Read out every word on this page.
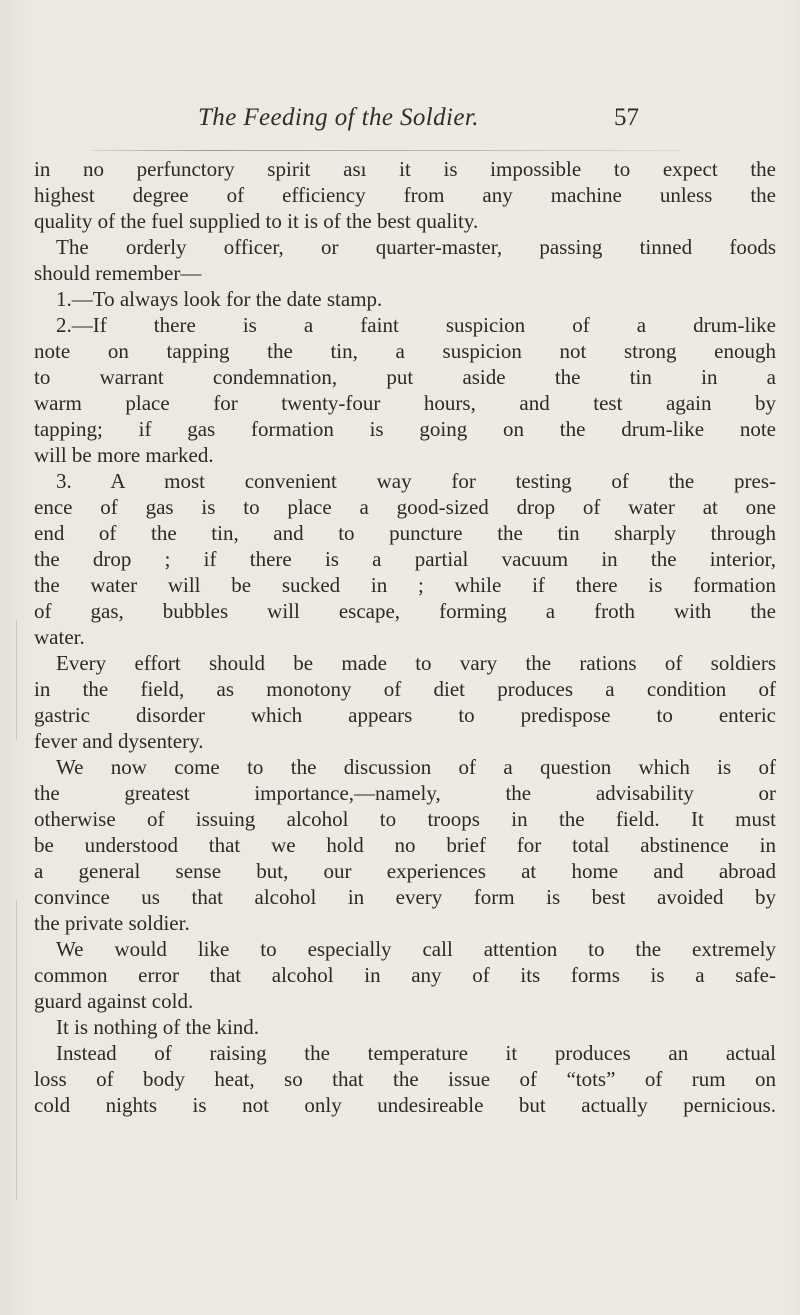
The Feeding of the Soldier.	57
in no perfunctory spirit ası it is impossible to expect the
highest degree of efficiency from any machine unless the
quality of the fuel supplied to it is of the best quality.
The orderly officer, or quarter-master, passing tinned foods
should remember—
1.—To always look for the date stamp.
2.—If there is a faint suspicion of a drum-like
note on tapping the tin, a suspicion not strong enough
to warrant condemnation, put aside the tin in a
warm place for twenty-four hours, and test again by
tapping; if gas formation is going on the drum-like note
will be more marked.
3. A most convenient way for testing of the pres-
ence of gas is to place a good-sized drop of water at one
end of the tin, and to puncture the tin sharply through
the drop ; if there is a partial vacuum in the interior,
the water will be sucked in ; while if there is formation
of gas, bubbles will escape, forming a froth with the
water.
Every effort should be made to vary the rations of soldiers
in the field, as monotony of diet produces a condition of
gastric disorder which appears to predispose to enteric
fever and dysentery.
We now come to the discussion of a question which is of
the greatest importance,—namely, the advisability or
otherwise of issuing alcohol to troops in the field. It must
be understood that we hold no brief for total abstinence in
a general sense but, our experiences at home and abroad
convince us that alcohol in every form is best avoided by
the private soldier.
We would like to especially call attention to the extremely
common error that alcohol in any of its forms is a safe-
guard against cold.
It is nothing of the kind.
Instead of raising the temperature it produces an actual
loss of body heat, so that the issue of “tots” of rum on
cold nights is not only undesireable but actually pernicious.
